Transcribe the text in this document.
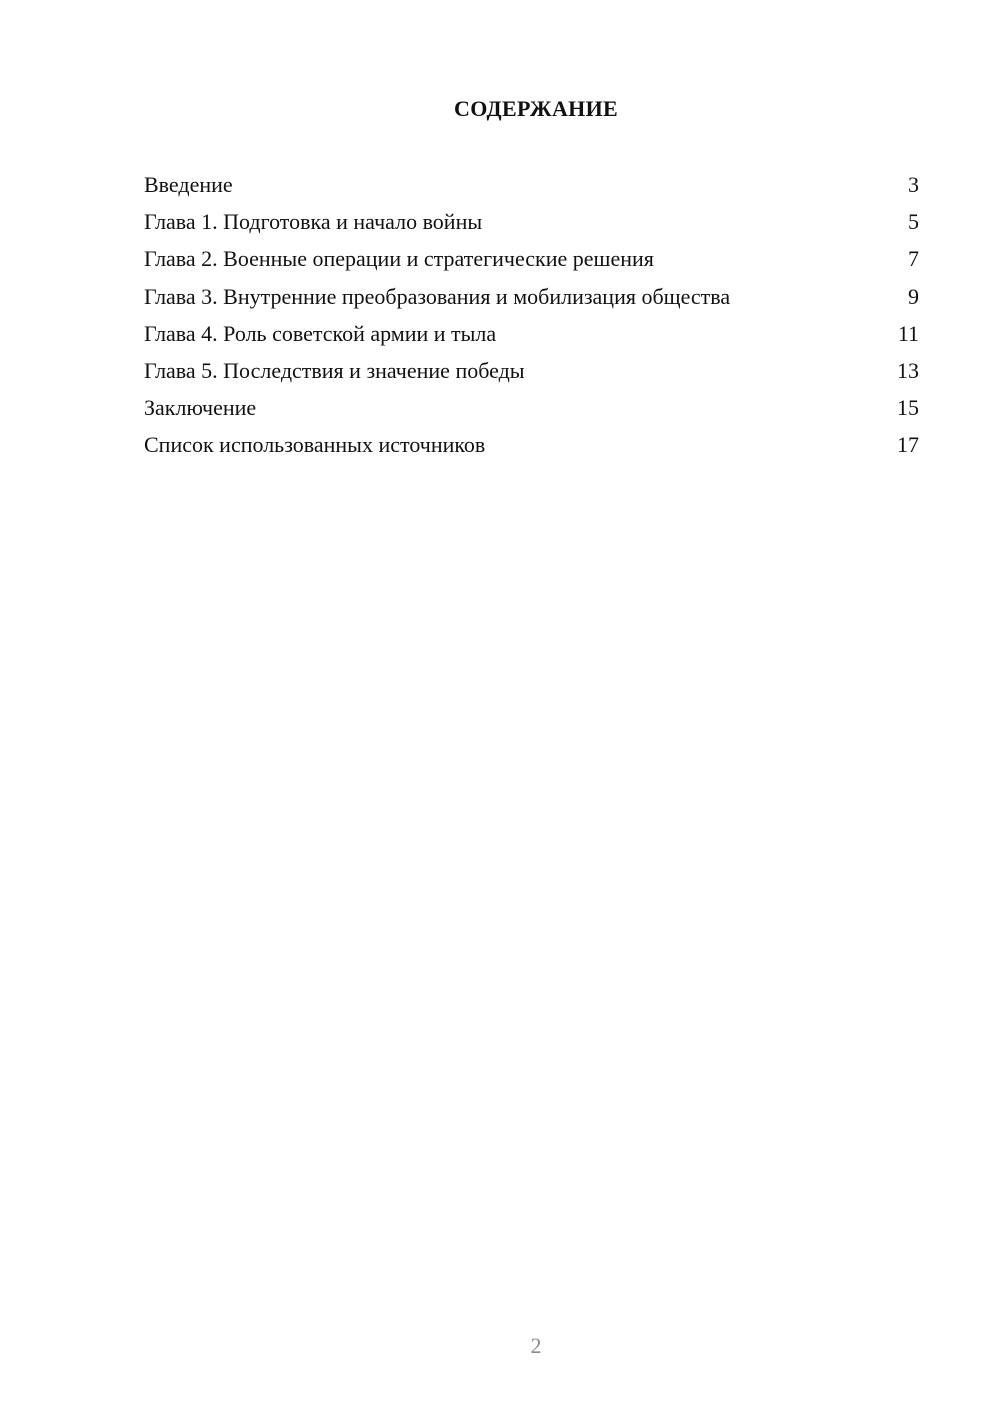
СОДЕРЖАНИЕ
Введение	3
Глава 1. Подготовка и начало войны	5
Глава 2. Военные операции и стратегические решения	7
Глава 3. Внутренние преобразования и мобилизация общества	9
Глава 4. Роль советской армии и тыла	11
Глава 5. Последствия и значение победы	13
Заключение	15
Список использованных источников	17
2
